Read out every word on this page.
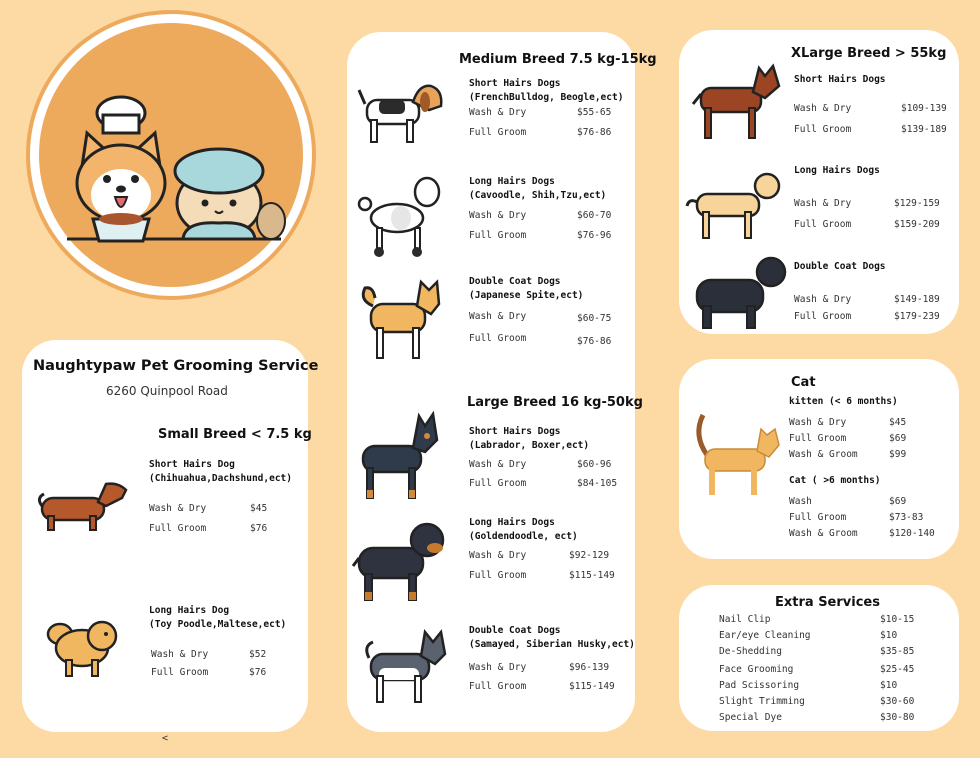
Naughtypaw Pet Grooming Service
6260 Quinpool Road
Small Breed < 7.5 kg
Short Hairs Dog
(Chihuahua,Dachshund,ect)
Wash & Dry	$45
Full Groom	$76
Long Hairs Dog
(Toy Poodle,Maltese,ect)
Wash & Dry	$52
Full Groom	$76
Medium Breed 7.5 kg-15kg
Short Hairs Dogs
(FrenchBulldog, Beogle,ect)
Wash & Dry	$55-65
Full Groom	$76-86
Long Hairs Dogs
(Cavoodle, Shih,Tzu,ect)
Wash & Dry	$60-70
Full Groom	$76-96
Double Coat Dogs
(Japanese Spite,ect)
Wash & Dry	$60-75
Full Groom	$76-86
Large Breed 16 kg-50kg
Short Hairs Dogs
(Labrador, Boxer,ect)
Wash & Dry	$60-96
Full Groom	$84-105
Long Hairs Dogs
(Goldendoodle, ect)
Wash & Dry	$92-129
Full Groom	$115-149
Double Coat Dogs
(Samayed, Siberian Husky,ect)
Wash & Dry	$96-139
Full Groom	$115-149
XLarge Breed > 55kg
Short Hairs Dogs
Wash & Dry	$109-139
Full Groom	$139-189
Long Hairs Dogs
Wash & Dry	$129-159
Full Groom	$159-209
Double Coat Dogs
Wash & Dry	$149-189
Full Groom	$179-239
Cat
kitten (< 6 months)
Wash & Dry	$45
Full Groom	$69
Wash & Groom	$99
Cat ( >6 months)
Wash	$69
Full Groom	$73-83
Wash & Groom	$120-140
Extra Services
Nail Clip	$10-15
Ear/eye Cleaning	$10
De-Shedding	$35-85
Face Grooming	$25-45
Pad Scissoring	$10
Slight Trimming	$30-60
Special Dye	$30-80
<
